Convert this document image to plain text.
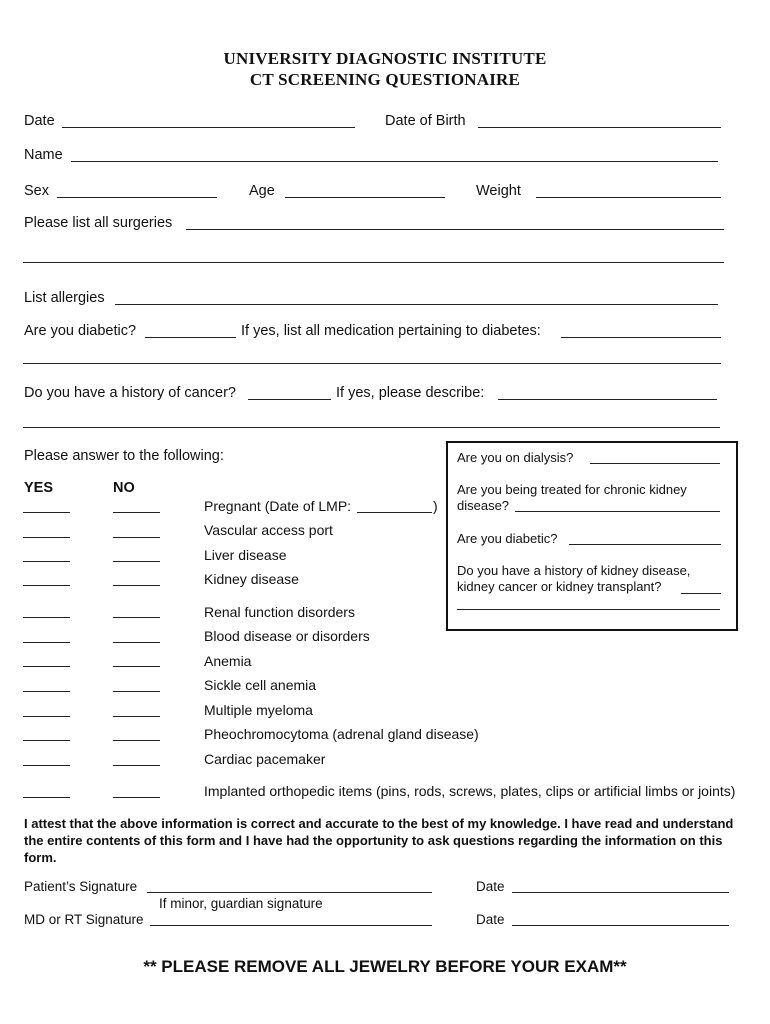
UNIVERSITY DIAGNOSTIC INSTITUTE
CT SCREENING QUESTIONAIRE
Date	Date of Birth
Name
Sex	Age	Weight
Please list all surgeries
List allergies
Are you diabetic?	If yes, list all medication pertaining to diabetes:
Do you have a history of cancer?	If yes, please describe:
Please answer to the following:
YES	NO
Pregnant (Date of LMP:	)
Vascular access port
Liver disease
Kidney disease
Renal function disorders
Blood disease or disorders
Anemia
Sickle cell anemia
Multiple myeloma
Pheochromocytoma (adrenal gland disease)
Cardiac pacemaker
Implanted orthopedic items (pins, rods, screws, plates, clips or artificial limbs or joints)
Are you on dialysis?
Are you being treated for chronic kidney
disease?
Are you diabetic?
Do you have a history of kidney disease,
kidney cancer or kidney transplant?
I attest that the above information is correct and accurate to the best of my knowledge. I have read and understand the entire contents of this form and I have had the opportunity to ask questions regarding the information on this form.
Patient’s Signature	Date
If minor, guardian signature
MD or RT Signature	Date
** PLEASE REMOVE ALL JEWELRY BEFORE YOUR EXAM**
